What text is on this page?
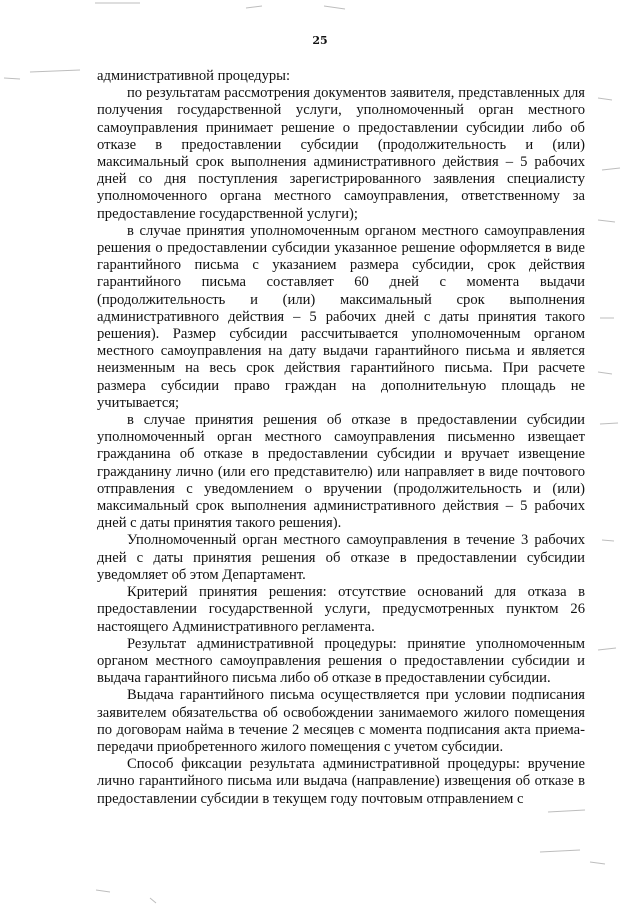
25

административной процедуры:

по результатам рассмотрения документов заявителя, представленных для получения государственной услуги, уполномоченный орган местного самоуправления принимает решение о предоставлении субсидии либо об отказе в предоставлении субсидии (продолжительность и (или) максимальный срок выполнения административного действия – 5 рабочих дней со дня поступления зарегистрированного заявления специалисту уполномоченного органа местного самоуправления, ответственному за предоставление государственной услуги);

в случае принятия уполномоченным органом местного самоуправления решения о предоставлении субсидии указанное решение оформляется в виде гарантийного письма с указанием размера субсидии, срок действия гарантийного письма составляет 60 дней с момента выдачи (продолжительность и (или) максимальный срок выполнения административного действия – 5 рабочих дней с даты принятия такого решения). Размер субсидии рассчитывается уполномоченным органом местного самоуправления на дату выдачи гарантийного письма и является неизменным на весь срок действия гарантийного письма. При расчете размера субсидии право граждан на дополнительную площадь не учитывается;

в случае принятия решения об отказе в предоставлении субсидии уполномоченный орган местного самоуправления письменно извещает гражданина об отказе в предоставлении субсидии и вручает извещение гражданину лично (или его представителю) или направляет в виде почтового отправления с уведомлением о вручении (продолжительность и (или) максимальный срок выполнения административного действия – 5 рабочих дней с даты принятия такого решения).

Уполномоченный орган местного самоуправления в течение 3 рабочих дней с даты принятия решения об отказе в предоставлении субсидии уведомляет об этом Департамент.

Критерий принятия решения: отсутствие оснований для отказа в предоставлении государственной услуги, предусмотренных пунктом 26 настоящего Административного регламента.

Результат административной процедуры: принятие уполномоченным органом местного самоуправления решения о предоставлении субсидии и выдача гарантийного письма либо об отказе в предоставлении субсидии.

Выдача гарантийного письма осуществляется при условии подписания заявителем обязательства об освобождении занимаемого жилого помещения по договорам найма в течение 2 месяцев с момента подписания акта приема-передачи приобретенного жилого помещения с учетом субсидии.

Способ фиксации результата административной процедуры: вручение лично гарантийного письма или выдача (направление) извещения об отказе в предоставлении субсидии в текущем году почтовым отправлением с
